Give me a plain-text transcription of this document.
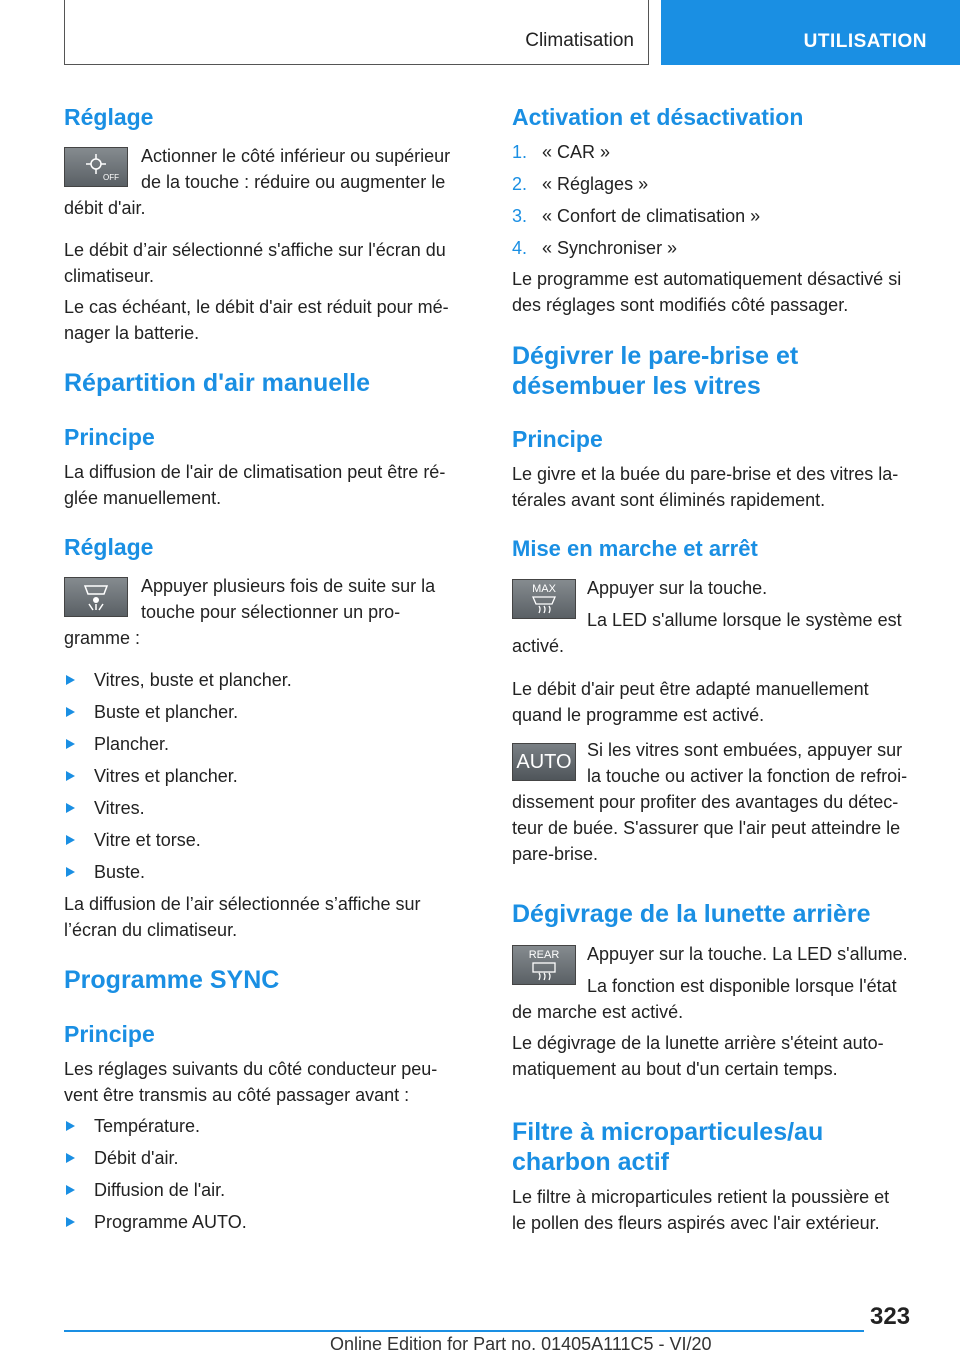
Climatisation	UTILISATION
Réglage
OFF
Actionner le côté inférieur ou supérieur
de la touche : réduire ou augmenter le
débit d'air.
Le débit d’air sélectionné s'affiche sur l'écran du
climatiseur.
Le cas échéant, le débit d'air est réduit pour mé‐
nager la batterie.
Répartition d'air manuelle
Principe
La diffusion de l'air de climatisation peut être ré‐
glée manuellement.
Réglage
Appuyer plusieurs fois de suite sur la
touche pour sélectionner un pro‐
gramme :
Vitres, buste et plancher.
Buste et plancher.
Plancher.
Vitres et plancher.
Vitres.
Vitre et torse.
Buste.
La diffusion de l’air sélectionnée s’affiche sur
l’écran du climatiseur.
Programme SYNC
Principe
Les réglages suivants du côté conducteur peu‐
vent être transmis au côté passager avant :
Température.
Débit d'air.
Diffusion de l'air.
Programme AUTO.
Activation et désactivation
1. « CAR »
2. « Réglages »
3. « Confort de climatisation »
4. « Synchroniser »
Le programme est automatiquement désactivé si
des réglages sont modifiés côté passager.
Dégivrer le pare-brise et
désembuer les vitres
Principe
Le givre et la buée du pare-brise et des vitres la‐
térales avant sont éliminés rapidement.
Mise en marche et arrêt
MAX Appuyer sur la touche.
La LED s'allume lorsque le système est
activé.
Le débit d'air peut être adapté manuellement
quand le programme est activé.
AUTO
Si les vitres sont embuées, appuyer sur
la touche ou activer la fonction de refroi‐
dissement pour profiter des avantages du détec‐
teur de buée. S'assurer que l'air peut atteindre le
pare-brise.
Dégivrage de la lunette arrière
REAR Appuyer sur la touche. La LED s'allume.
La fonction est disponible lorsque l'état
de marche est activé.
Le dégivrage de la lunette arrière s'éteint auto‐
matiquement au bout d'un certain temps.
Filtre à microparticules/au
charbon actif
Le filtre à microparticules retient la poussière et
le pollen des fleurs aspirés avec l'air extérieur.
323
Online Edition for Part no. 01405A111C5 - VI/20
